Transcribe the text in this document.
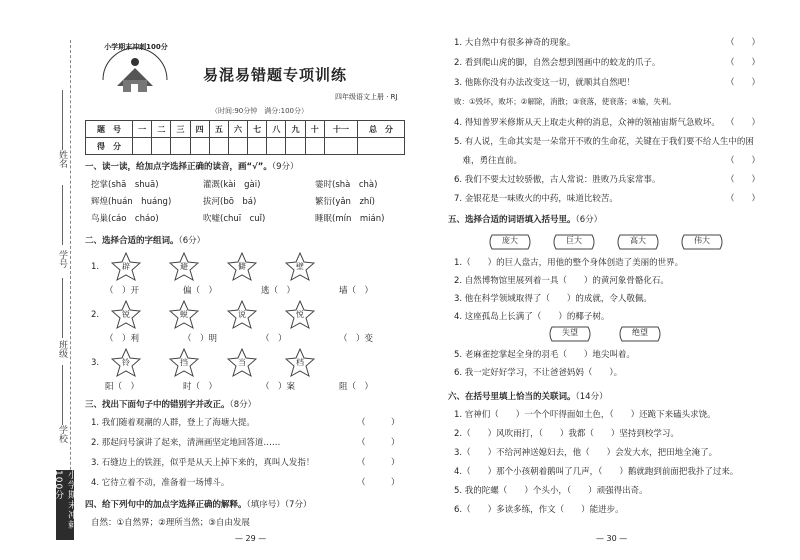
姓名
学号
班级
学校
小学期末冲刺100分
小学期末冲刺100分
易混易错题专项训练
四年级语文上册 · RJ
（时间:90分钟　满分:100分）
题　号	一	二	三	四	五	六	七	八	九	十	十一	总　分
得　分												
一、读一读，给加点字选择正确的读音，画“√”。（9分）
挖掌(shā　shuā)	灌溉(kài　gài)	霎时(shà　chà)
辉煌(huán　huáng)	拔河(bō　bá)	繁衍(yǎn　zhí)
鸟巢(cáo　cháo)	吹嘘(chuī　cuǐ)	睡眠(mín　mián)
二、选择合适的字组词。（6分）
1.	辟	避	僻	壁
（　）开	偏（　）	逃（　）	墙（　）
2.	锐	蜕	说	悦
（　）利	（　）明	（　）	（　）变
3.	铃	挡	当	档
阳（　）	时（　）	（　）案	阻（　）
三、找出下面句子中的错别字并改正。（8分）
1. 我们随着观潮的人群，登上了海塘大提。	（　　　）
2. 那起问号演讲了起来，清洲画坚定地回答道……	（　　　）
3. 石缝边上的铁涯，似乎是从天上掉下来的，真叫人发指！	（　　　）
4. 它待立着不动，准备着一场博斗。	（　　　）
四、给下列句中的加点字选择正确的解释。（填序号）（7分）
自然：①自然界；②理所当然；③自由发展
— 29 —
1. 大自然中有很多神奇的现象。	（　　）
2. 看到爬山虎的脚，自然会想到图画中的蛟龙的爪子。	（　　）
3. 他陈你没有办法改变这一切，就顺其自然吧！	（　　）
败：①毁坏，败坏；②解除，消散；③衰落，使衰落；④输，失利。
4. 得知普罗米修斯从天上取走火种的消息，众神的领袖宙斯气急败坏。 （　　）
5. 有人说，生命其实是一朵常开不败的生命花，关键在于我们要不给人生中的困
　难，勇往直前。	（　　）
6. 我们不要太过较骄傲，古人常说：胜败乃兵家常事。	（　　）
7. 金银花是一味败火的中药，味道比较苦。	（　　）
五、选择合适的词语填入括号里。（6分）
庞大	巨大	高大	伟大
1.（　　）的巨人盘古，用他的整个身体创造了美丽的世界。
2. 自然博物馆里展列着一具（　　）的黄河象骨骼化石。
3. 他在科学领域取得了（　　）的成就，令人敬佩。
4. 这座孤岛上长满了（　　）的椰子树。
失望	绝望
5. 老麻雀挖掌起全身的羽毛（　　）地尖叫着。
6. 我一定好好学习，不让爸爸妈妈（　　）。
六、在括号里填上恰当的关联词。（14分）
1. 官神们（　　）一个个吓得面如土色，（　　）还跪下来磕头求饶。
2.（　　）风吹雨打，（　　）我都（　　）坚持到校学习。
3.（　　）不给河神送媳妇去，他（　　）会发大水，把田地全淹了。
4.（　　）那个小孩朝着鹅叫了几声，（　　）鹅就跑到前面把我扑了过来。
5. 我的陀螺（　　）个头小，（　　）顽强得出奇。
6.（　　）多读多练，作文（　　）能进步。
— 30 —
